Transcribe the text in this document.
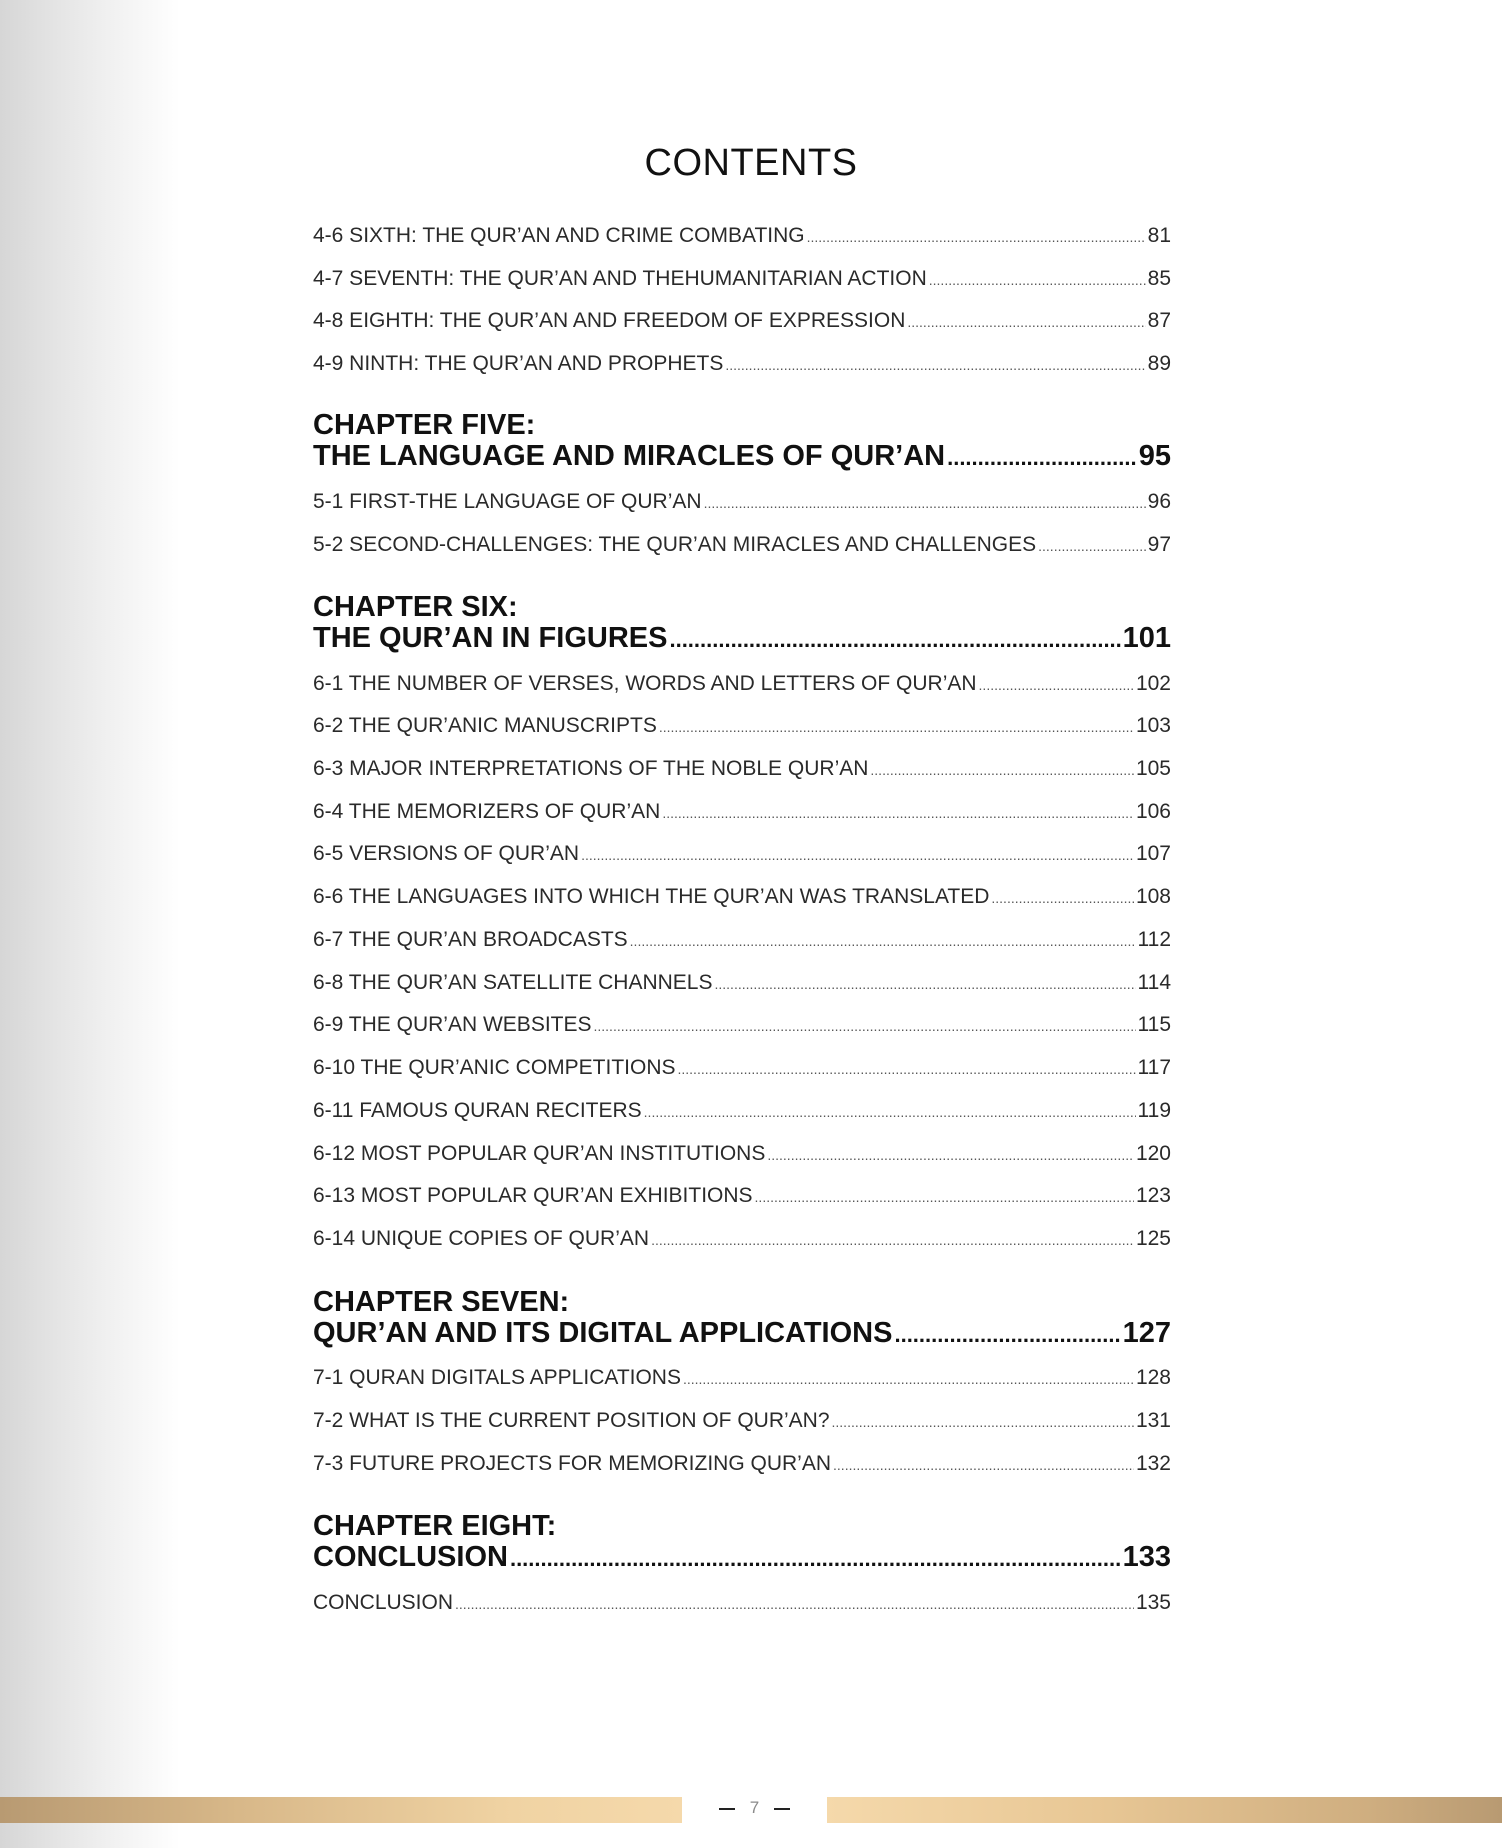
CONTENTS
4-6 SIXTH: THE QUR’AN AND CRIME COMBATING .....	81
4-7 SEVENTH: THE QUR’AN AND THEHUMANITARIAN ACTION .....	85
4-8 EIGHTH: THE QUR’AN AND FREEDOM OF EXPRESSION .....	87
4-9 NINTH: THE QUR’AN AND PROPHETS .....	89
CHAPTER FIVE:
THE LANGUAGE AND MIRACLES OF QUR’AN .....	95
5-1 FIRST-THE LANGUAGE OF QUR’AN .....	96
5-2 SECOND-CHALLENGES: THE QUR’AN MIRACLES AND CHALLENGES .....	97
CHAPTER SIX:
THE QUR’AN IN FIGURES .....	101
6-1 THE NUMBER OF VERSES, WORDS AND LETTERS OF QUR’AN .....	102
6-2 THE QUR’ANIC MANUSCRIPTS .....	103
6-3 MAJOR INTERPRETATIONS OF THE NOBLE QUR’AN .....	105
6-4 THE MEMORIZERS OF QUR’AN .....	106
6-5 VERSIONS OF QUR’AN .....	107
6-6 THE LANGUAGES INTO WHICH THE QUR’AN WAS TRANSLATED .....	108
6-7 THE QUR’AN BROADCASTS .....	112
6-8 THE QUR’AN SATELLITE CHANNELS .....	114
6-9 THE QUR’AN WEBSITES .....	115
6-10 THE QUR’ANIC COMPETITIONS .....	117
6-11 FAMOUS QURAN RECITERS .....	119
6-12 MOST POPULAR QUR’AN INSTITUTIONS .....	120
6-13 MOST POPULAR QUR’AN EXHIBITIONS .....	123
6-14 UNIQUE COPIES OF QUR’AN .....	125
CHAPTER SEVEN:
QUR’AN AND ITS DIGITAL APPLICATIONS .....	127
7-1 QURAN DIGITALS APPLICATIONS .....	128
7-2 WHAT IS THE CURRENT POSITION OF QUR’AN? .....	131
7-3 FUTURE PROJECTS FOR MEMORIZING QUR’AN .....	132
CHAPTER EIGHT:
CONCLUSION .....	133
CONCLUSION .....	135
7
